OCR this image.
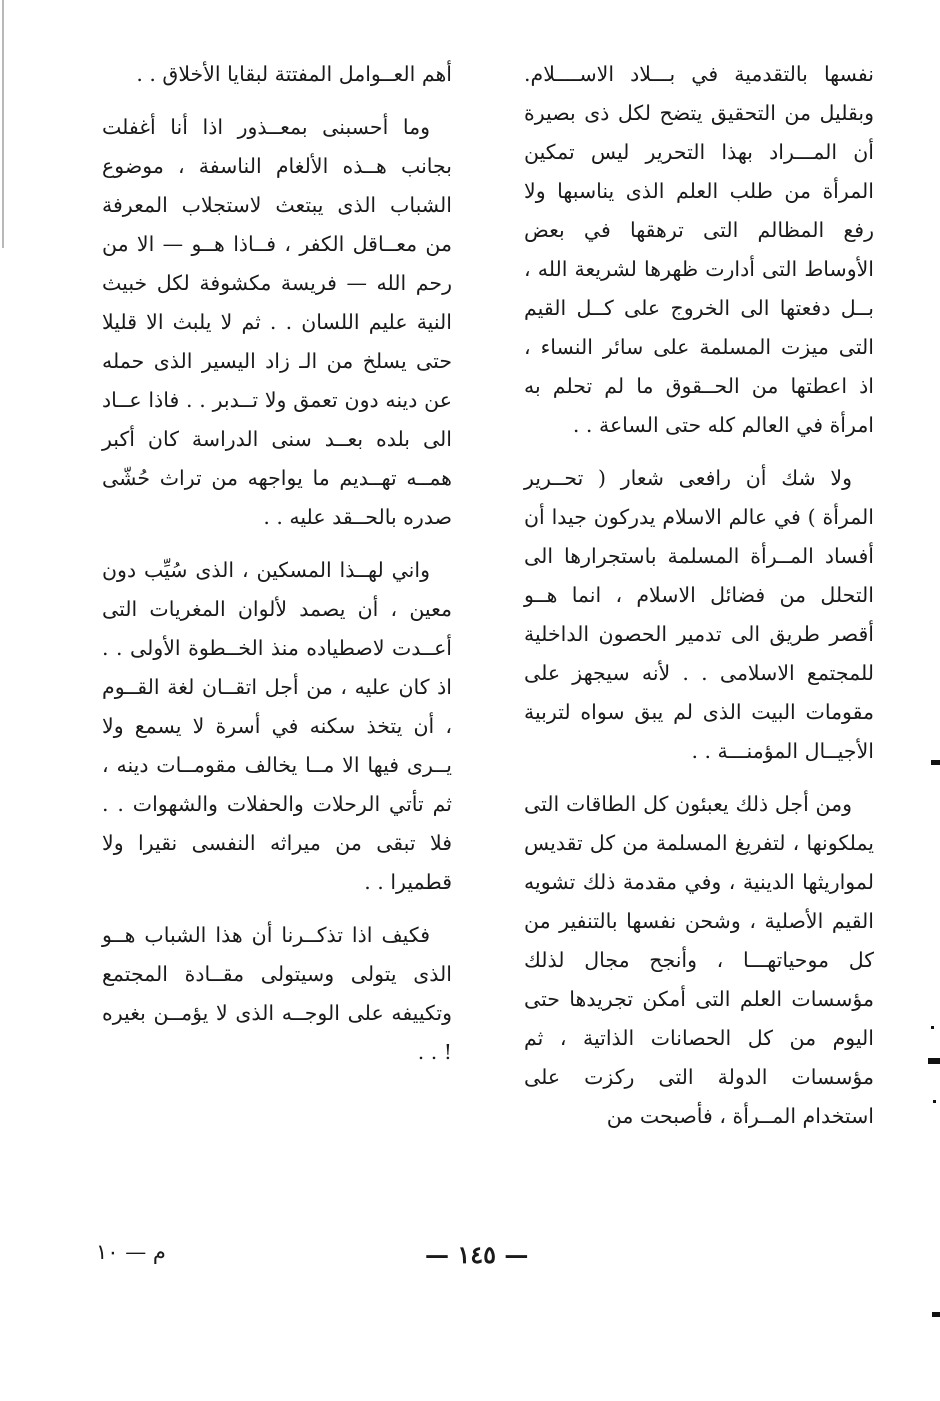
نفسها بالتقدمية في بـــلاد الاســــلام. وبقليل من التحقيق يتضح لكل ذى بصيرة أن المـــراد بهذا التحرير ليس تمكين المرأة من طلب العلم الذى يناسبها ولا رفع المظالم التى ترهقها في بعض الأوساط التى أدارت ظهرها لشريعة الله ، بــل دفعتها الى الخروج على كــل القيم التى ميزت المسلمة على سائر النساء ، اذ اعطتها من الحــقوق ما لم تحلم به امرأة في العالم كله حتى الساعة . .

ولا شك أن رافعى شعار ( تحــرير المرأة ) في عالم الاسلام يدركون جيدا أن أفساد المــرأة المسلمة باستجرارها الى التحلل من فضائل الاسلام ، انما هــو أقصر طريق الى تدمير الحصون الداخلية للمجتمع الاسلامى . . لأنه سيجهز على مقومات البيت الذى لم يبق سواه لتربية الأجيــال المؤمنـــة . .

ومن أجل ذلك يعبئون كل الطاقات التى يملكونها ، لتفريغ المسلمة من كل تقديس لمواريثها الدينية ، وفي مقدمة ذلك تشويه القيم الأصلية ، وشحن نفسها بالتنفير من كل موحياتهـــا ، وأنجح مجال لذلك مؤسسات العلم التى أمكن تجريدها حتى اليوم من كل الحصانات الذاتية ، ثم مؤسسات الدولة التى ركزت على استخدام المــرأة ، فأصبحت من

أهم العــوامل المفتتة لبقايا الأخلاق . .

وما أحسبنى بمعــذور اذا أنا أغفلت بجانب هــذه الألغام الناسفة ، موضوع الشباب الذى يبتعث لاستجلاب المعرفة من معــاقل الكفر ، فــاذا هــو — الا من رحم الله — فريسة مكشوفة لكل خبيث النية عليم اللسان . . ثم لا يلبث الا قليلا حتى يسلخ من الـ زاد اليسير الذى حمله عن دينه دون تعمق ولا تــدبر . . فاذا عــاد الى بلده بعــد سنى الدراسة كان أكبر همــه تهــديم ما يواجهه من تراث حُشّى صدره بالحــقد عليه . .

واني لهــذا المسكين ، الذى سُيِّب دون معين ، أن يصمد لألوان المغريات التى أعــدت لاصطياده منذ الخــطوة الأولى . . اذ كان عليه ، من أجل اتقــان لغة القــوم ، أن يتخذ سكنه في أسرة لا يسمع ولا يــرى فيها الا مــا يخالف مقومــات دينه ، ثم تأتي الرحلات والحفلات والشهوات . . فلا تبقى من ميراثه النفسى نقيرا ولا قطميرا . .

فكيف اذا تذكــرنا أن هذا الشباب هــو الذى يتولى وسيتولى مقــادة المجتمع وتكييفه على الوجــه الذى لا يؤمــن بغيره ! . .

— ١٤٥ —
م — ١٠
